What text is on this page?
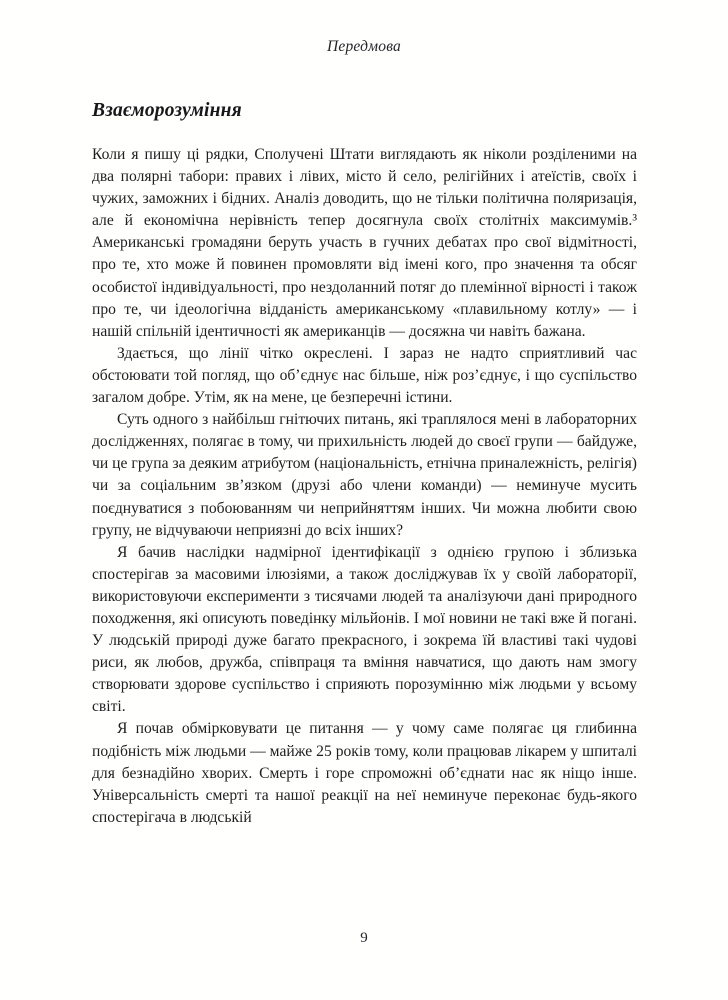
Передмова
Взаєморозуміння

Коли я пишу ці рядки, Сполучені Штати виглядають як ніколи розділеними на два полярні табори: правих і лівих, місто й село, релігійних і атеїстів, своїх і чужих, заможних і бідних. Аналіз доводить, що не тільки політична поляризація, але й економічна нерівність тепер досягнула своїх столітніх максимумів.³ Американські громадяни беруть участь в гучних дебатах про свої відмітності, про те, хто може й повинен промовляти від імені кого, про значення та обсяг особистої індивідуальності, про нездоланний потяг до племінної вірності і також про те, чи ідеологічна відданість американському «плавильному котлу» — і нашій спільній ідентичності як американців — досяжна чи навіть бажана.

Здається, що лінії чітко окреслені. І зараз не надто сприятливий час обстоювати той погляд, що об’єднує нас більше, ніж роз’єднує, і що суспільство загалом добре. Утім, як на мене, це безперечні істини.

Суть одного з найбільш гнітючих питань, які траплялося мені в лабораторних дослідженнях, полягає в тому, чи прихильність людей до своєї групи — байдуже, чи це група за деяким атрибутом (національність, етнічна приналежність, релігія) чи за соціальним зв’язком (друзі або члени команди) — неминуче мусить поєднуватися з побоюванням чи неприйняттям інших. Чи можна любити свою групу, не відчуваючи неприязні до всіх інших?

Я бачив наслідки надмірної ідентифікації з однією групою і зблизька спостерігав за масовими ілюзіями, а також досліджував їх у своїй лабораторії, використовуючи експерименти з тисячами людей та аналізуючи дані природного походження, які описують поведінку мільйонів. І мої новини не такі вже й погані. У людській природі дуже багато прекрасного, і зокрема їй властиві такі чудові риси, як любов, дружба, співпраця та вміння навчатися, що дають нам змогу створювати здорове суспільство і сприяють порозумінню між людьми у всьому світі.

Я почав обмірковувати це питання — у чому саме полягає ця глибинна подібність між людьми — майже 25 років тому, коли працював лікарем у шпиталі для безнадійно хворих. Смерть і горе спроможні об’єднати нас як ніщо інше. Універсальність смерті та нашої реакції на неї неминуче переконає будь-якого спостерігача в людській

9
